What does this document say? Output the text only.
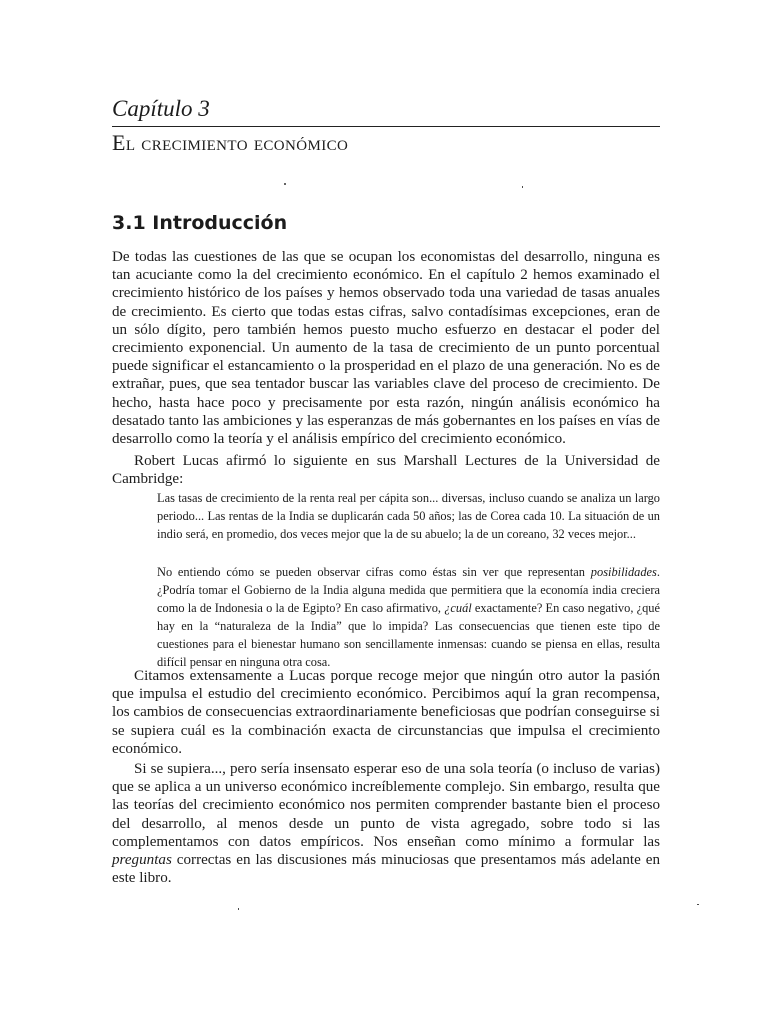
Capítulo 3
El crecimiento económico
3.1 Introducción

De todas las cuestiones de las que se ocupan los economistas del desarrollo, ninguna es tan acuciante como la del crecimiento económico. En el capítulo 2 hemos examinado el crecimiento histórico de los países y hemos observado toda una variedad de tasas anuales de crecimiento. Es cierto que todas estas cifras, salvo contadísimas excepciones, eran de un sólo dígito, pero también hemos puesto mucho esfuerzo en destacar el poder del crecimiento exponencial. Un aumento de la tasa de crecimiento de un punto porcentual puede significar el estancamiento o la prosperidad en el plazo de una generación. No es de extrañar, pues, que sea tentador buscar las variables clave del proceso de crecimiento. De hecho, hasta hace poco y precisamente por esta razón, ningún análisis económico ha desatado tanto las ambiciones y las esperanzas de más gobernantes en los países en vías de desarrollo como la teoría y el análisis empírico del crecimiento económico.

Robert Lucas afirmó lo siguiente en sus Marshall Lectures de la Universidad de Cambridge:

Las tasas de crecimiento de la renta real per cápita son... diversas, incluso cuando se analiza un largo periodo... Las rentas de la India se duplicarán cada 50 años; las de Corea cada 10. La situación de un indio será, en promedio, dos veces mejor que la de su abuelo; la de un coreano, 32 veces mejor...

No entiendo cómo se pueden observar cifras como éstas sin ver que representan posibilidades. ¿Podría tomar el Gobierno de la India alguna medida que permitiera que la economía india creciera como la de Indonesia o la de Egipto? En caso afirmativo, ¿cuál exactamente? En caso negativo, ¿qué hay en la “naturaleza de la India” que lo impida? Las consecuencias que tienen este tipo de cuestiones para el bienestar humano son sencillamente inmensas: cuando se piensa en ellas, resulta difícil pensar en ninguna otra cosa.

Citamos extensamente a Lucas porque recoge mejor que ningún otro autor la pasión que impulsa el estudio del crecimiento económico. Percibimos aquí la gran recompensa, los cambios de consecuencias extraordinariamente beneficiosas que podrían conseguirse si se supiera cuál es la combinación exacta de circunstancias que impulsa el crecimiento económico.

Si se supiera..., pero sería insensato esperar eso de una sola teoría (o incluso de varias) que se aplica a un universo económico increíblemente complejo. Sin embargo, resulta que las teorías del crecimiento económico nos permiten comprender bastante bien el proceso del desarrollo, al menos desde un punto de vista agregado, sobre todo si las complementamos con datos empíricos. Nos enseñan como mínimo a formular las preguntas correctas en las discusiones más minuciosas que presentamos más adelante en este libro.
